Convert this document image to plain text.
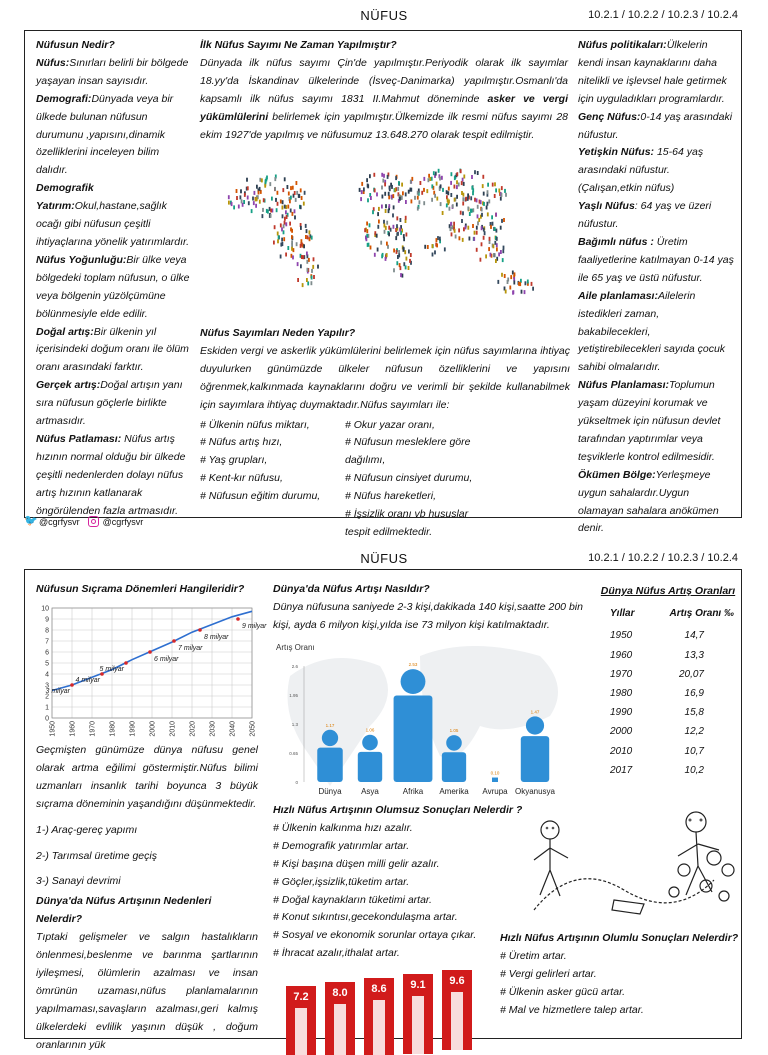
NÜFUS	10.2.1 / 10.2.2 / 10.2.3 / 10.2.4
Nüfusun Nedir?
Nüfus:Sınırları belirli bir bölgede yaşayan insan sayısıdır.
Demografi:Dünyada veya bir ülkede bulunan nüfusun durumunu ,yapısını,dinamik özelliklerini inceleyen bilim dalıdır.
Demografik Yatırım:Okul,hastane,sağlık ocağı gibi nüfusun çeşitli ihtiyaçlarına yönelik yatırımlardır.
Nüfus Yoğunluğu:Bir ülke veya bölgedeki toplam nüfusun, o ülke veya bölgenin yüzölçümüne bölünmesiyle elde edilir.
Doğal artış:Bir ülkenin yıl içerisindeki doğum oranı ile ölüm oranı arasındaki farktır.
Gerçek artış:Doğal artışın yanı sıra nüfusun göçlerle birlikte artmasıdır.
Nüfus Patlaması: Nüfus artış hızının normal olduğu bir ülkede çeşitli nedenlerden dolayı nüfus artış hızının katlanarak öngörülenden fazla artmasıdır.
İlk Nüfus Sayımı Ne Zaman Yapılmıştır?
Dünyada ilk nüfus sayımı Çin'de yapılmıştır.Periyodik olarak ilk sayımlar 18.yy'da İskandinav ülkelerinde (İsveç-Danimarka) yapılmıştır.Osmanlı'da kapsamlı ilk nüfus sayımı 1831 II.Mahmut döneminde asker ve vergi yükümlülerini belirlemek için yapılmıştır.Ülkemizde ilk resmi nüfus sayımı 28 ekim 1927'de yapılmış ve nüfusumuz 13.648.270 olarak tespit edilmiştir.
Nüfus Sayımları Neden Yapılır?
Eskiden vergi ve askerlik yükümlülerini belirlemek için nüfus sayımlarına ihtiyaç duyulurken günümüzde ülkeler nüfusun özelliklerini ve yapısını öğrenmek,kalkınmada kaynaklarını doğru ve verimli bir şekilde kullanabilmek için sayımlara ihtiyaç duymaktadır.Nüfus sayımları ile:
# Ülkenin nüfus miktarı,
# Nüfus artış hızı,
# Yaş grupları,
# Kent-kır nüfusu,
# Nüfusun eğitim durumu,
# Okur yazar oranı,
# Nüfusun mesleklere göre dağılımı,
# Nüfusun cinsiyet durumu,
# Nüfus hareketleri,
# İşsizlik oranı vb hususlar tespit edilmektedir.
Nüfus politikaları:Ülkelerin kendi insan kaynaklarını daha nitelikli ve işlevsel hale getirmek için uyguladıkları programlardır.
Genç Nüfus:0-14 yaş arasındaki nüfustur.
Yetişkin Nüfus: 15-64 yaş arasındaki nüfustur.(Çalışan,etkin nüfus)
Yaşlı Nüfus: 64 yaş ve üzeri nüfustur.
Bağımlı nüfus : Üretim faaliyetlerine katılmayan 0-14 yaş ile 65 yaş ve üstü nüfustur.
Aile planlaması:Ailelerin istedikleri zaman, bakabilecekleri, yetiştirebilecekleri sayıda çocuk sahibi olmalarıdır.
Nüfus Planlaması:Toplumun yaşam düzeyini korumak ve yükseltmek için nüfusun devlet tarafından yaptırımlar veya teşviklerle kontrol edilmesidir.
Ökümen Bölge:Yerleşmeye uygun sahalardır.Uygun olamayan sahalara anökümen denir.
🐦 @cgrfysvr	@cgrfysvr
NÜFUS	10.2.1 / 10.2.2 / 10.2.3 / 10.2.4
Nüfusun Sıçrama Dönemleri Hangileridir?
0
1
2
3
4
5
6
7
8
9
10
1950 1960 1970 1980 1990 2000 2010 2020 2030 2040 2050
3 milyar
4 milyar
5 milyar
6 milyar
7 milyar
8 milyar
9 milyar
Geçmişten günümüze dünya nüfusu genel olarak artma eğilimi göstermiştir.Nüfus bilimi uzmanları insanlık tarihi boyunca 3 büyük sıçrama döneminin yaşandığını düşünmektedir.
1-) Araç-gereç yapımı
2-) Tarımsal üretime geçiş
3-) Sanayi devrimi
Dünya'da Nüfus Artışının Nedenleri Nelerdir?
Tıptaki gelişmeler ve salgın hastalıkların önlenmesi,beslenme ve barınma şartlarının iyileşmesi, ölümlerin azalması ve insan ömrünün uzaması,nüfus planlamalarının yapılmaması,savaşların azalması,geri kalmış ülkelerdeki evlilik yaşının düşük , doğum oranlarının yük
Dünya'da Nüfus Artışı Nasıldır?
Dünya nüfusuna saniyede 2-3 kişi,dakikada 140 kişi,saatte 200 bin kişi, ayda 6 milyon kişi,yılda ise 73 milyon kişi katılmaktadır.
Artış Oranı
0
0.65
1.3
1.95
2.6
1.17
Dünya
1.06
Asya
2.53
Afrika
1.05
Amerika
0.10
Avrupa
1.47
Okyanusya
Hızlı Nüfus Artışının Olumsuz Sonuçları Nelerdir ?
# Ülkenin kalkınma hızı azalır.
# Demografik yatırımlar artar.
# Kişi başına düşen milli gelir azalır.
# Göçler,işsizlik,tüketim artar.
# Doğal kaynakların tüketimi artar.
# Konut sıkıntısı,gecekondulaşma artar.
# Sosyal ve ekonomik sorunlar ortaya çıkar.
# İhracat azalır,ithalat artar.
7.2 8.0 8.6 9.1 9.6
Hızlı Nüfus Artışının Olumlu Sonuçları Nelerdir?
# Üretim artar.
# Vergi gelirleri artar.
# Ülkenin asker gücü artar.
# Mal ve hizmetlere talep artar.
Dünya Nüfus Artış Oranları
Yıllar	Artış Oranı ‰
1950	14,7
1960	13,3
1970	20,07
1980	16,9
1990	15,8
2000	12,2
2010	10,7
2017	10,2
